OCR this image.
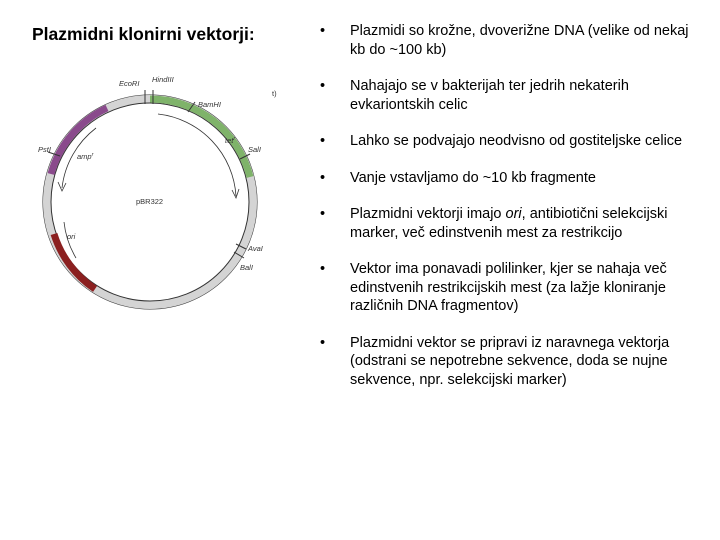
Plazmidni klonirni vektorji:
EcoRI HindIII
BamHI
t)
SalI
PstI
tet$^r$
amp$^r$
pBR322
ori
AvaI
BalI
• Plazmidi so krožne, dvoverižne DNA (velike od nekaj kb do ~100 kb)
• Nahajajo se v bakterijah ter jedrih nekaterih evkariontskih celic
• Lahko se podvajajo neodvisno od gostiteljske celice
• Vanje vstavljamo do ~10 kb fragmente
• Plazmidni vektorji imajo ori, antibiotični selekcijski marker, več edinstvenih mest za restrikcijo
• Vektor ima ponavadi polilinker, kjer se nahaja več edinstvenih restrikcijskih mest (za lažje kloniranje različnih DNA fragmentov)
• Plazmidni vektor se pripravi iz naravnega vektorja (odstrani se nepotrebne sekvence, doda se nujne sekvence, npr. selekcijski marker)
